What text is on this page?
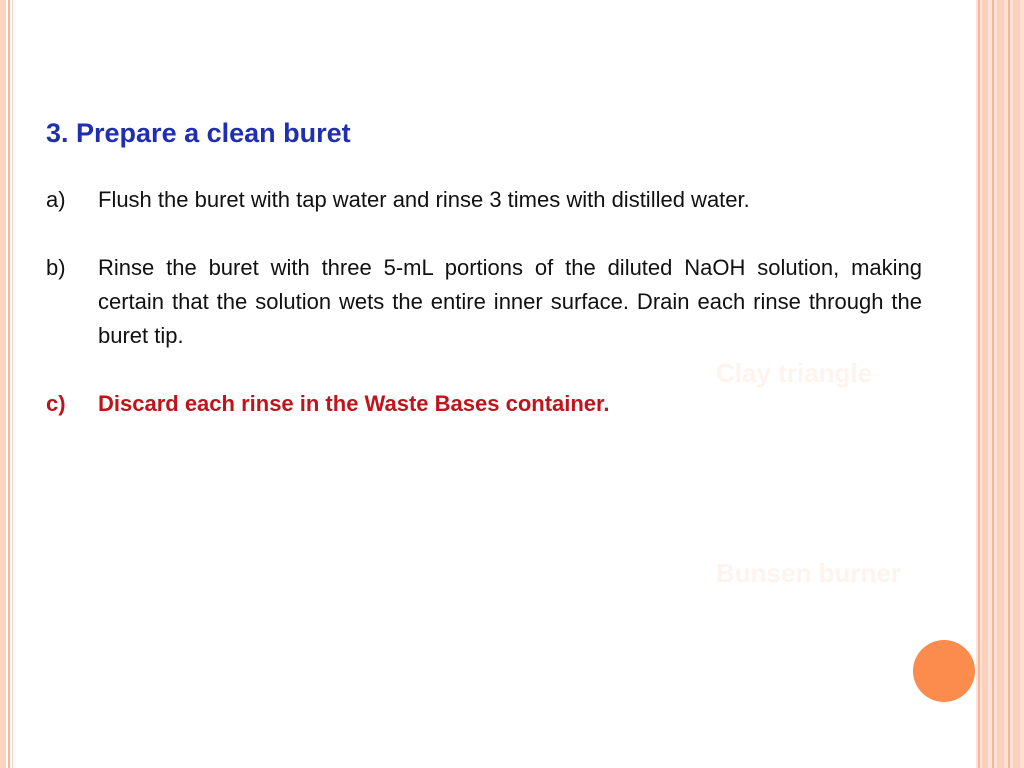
Clay triangle
Bunsen burner
3. Prepare a clean buret
a)	Flush the buret with tap water and rinse 3 times with distilled water.
b)	Rinse the buret with three 5-mL portions of the diluted NaOH solution, making certain that the solution wets the entire inner surface. Drain each rinse through the buret tip.
c)	Discard each rinse in the Waste Bases container.
